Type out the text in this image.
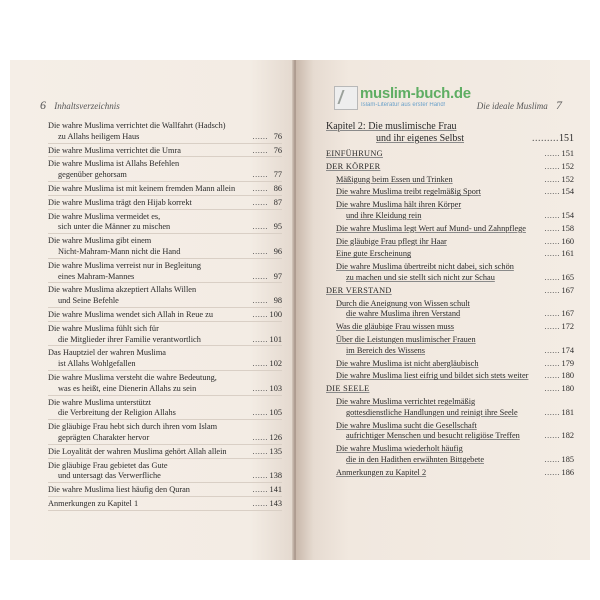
6 Inhaltsverzeichnis
Die wahre Muslima verrichtet die Wallfahrt (Hadsch)
zu Allahs heiligem Haus	...... 76
Die wahre Muslima verrichtet die Umra	...... 76
Die wahre Muslima ist Allahs Befehlen
gegenüber gehorsam	...... 77
Die wahre Muslima ist mit keinem fremden Mann allein	...... 86
Die wahre Muslima trägt den Hijab korrekt	...... 87
Die wahre Muslima vermeidet es,
sich unter die Männer zu mischen	...... 95
Die wahre Muslima gibt einem
Nicht-Mahram-Mann nicht die Hand	...... 96
Die wahre Muslima verreist nur in Begleitung
eines Mahram-Mannes	...... 97
Die wahre Muslima akzeptiert Allahs Willen
und Seine Befehle	...... 98
Die wahre Muslima wendet sich Allah in Reue zu	...... 100
Die wahre Muslima fühlt sich für
die Mitglieder ihrer Familie verantwortlich	...... 101
Das Hauptziel der wahren Muslima
ist Allahs Wohlgefallen	...... 102
Die wahre Muslima versteht die wahre Bedeutung,
was es heißt, eine Dienerin Allahs zu sein	...... 103
Die wahre Muslima unterstützt
die Verbreitung der Religion Allahs	...... 105
Die gläubige Frau hebt sich durch ihren vom Islam
geprägten Charakter hervor	...... 126
Die Loyalität der wahren Muslima gehört Allah allein	...... 135
Die gläubige Frau gebietet das Gute
und untersagt das Verwerfliche	...... 138
Die wahre Muslima liest häufig den Quran	...... 141
Anmerkungen zu Kapitel 1	...... 143
muslim-buch.de
Islam-Literatur aus erster Hand!	Die ideale Muslima 7
Kapitel 2: Die muslimische Frau
und ihr eigenes Selbst	......... 151
EINFÜHRUNG	...... 151
DER KÖRPER	...... 152
Mäßigung beim Essen und Trinken	...... 152
Die wahre Muslima treibt regelmäßig Sport	...... 154
Die wahre Muslima hält ihren Körper
und ihre Kleidung rein	...... 154
Die wahre Muslima legt Wert auf Mund- und Zahnpflege	...... 158
Die gläubige Frau pflegt ihr Haar	...... 160
Eine gute Erscheinung	...... 161
Die wahre Muslima übertreibt nicht dabei, sich schön
zu machen und sie stellt sich nicht zur Schau	...... 165
DER VERSTAND	...... 167
Durch die Aneignung von Wissen schult
die wahre Muslima ihren Verstand	...... 167
Was die gläubige Frau wissen muss	...... 172
Über die Leistungen muslimischer Frauen
im Bereich des Wissens	...... 174
Die wahre Muslima ist nicht abergläubisch	...... 179
Die wahre Muslima liest eifrig und bildet sich stets weiter	...... 180
DIE SEELE	...... 180
Die wahre Muslima verrichtet regelmäßig
gottesdienstliche Handlungen und reinigt ihre Seele	...... 181
Die wahre Muslima sucht die Gesellschaft
aufrichtiger Menschen und besucht religiöse Treffen	...... 182
Die wahre Muslima wiederholt häufig
die in den Hadithen erwähnten Bittgebete	...... 185
Anmerkungen zu Kapitel 2	...... 186
